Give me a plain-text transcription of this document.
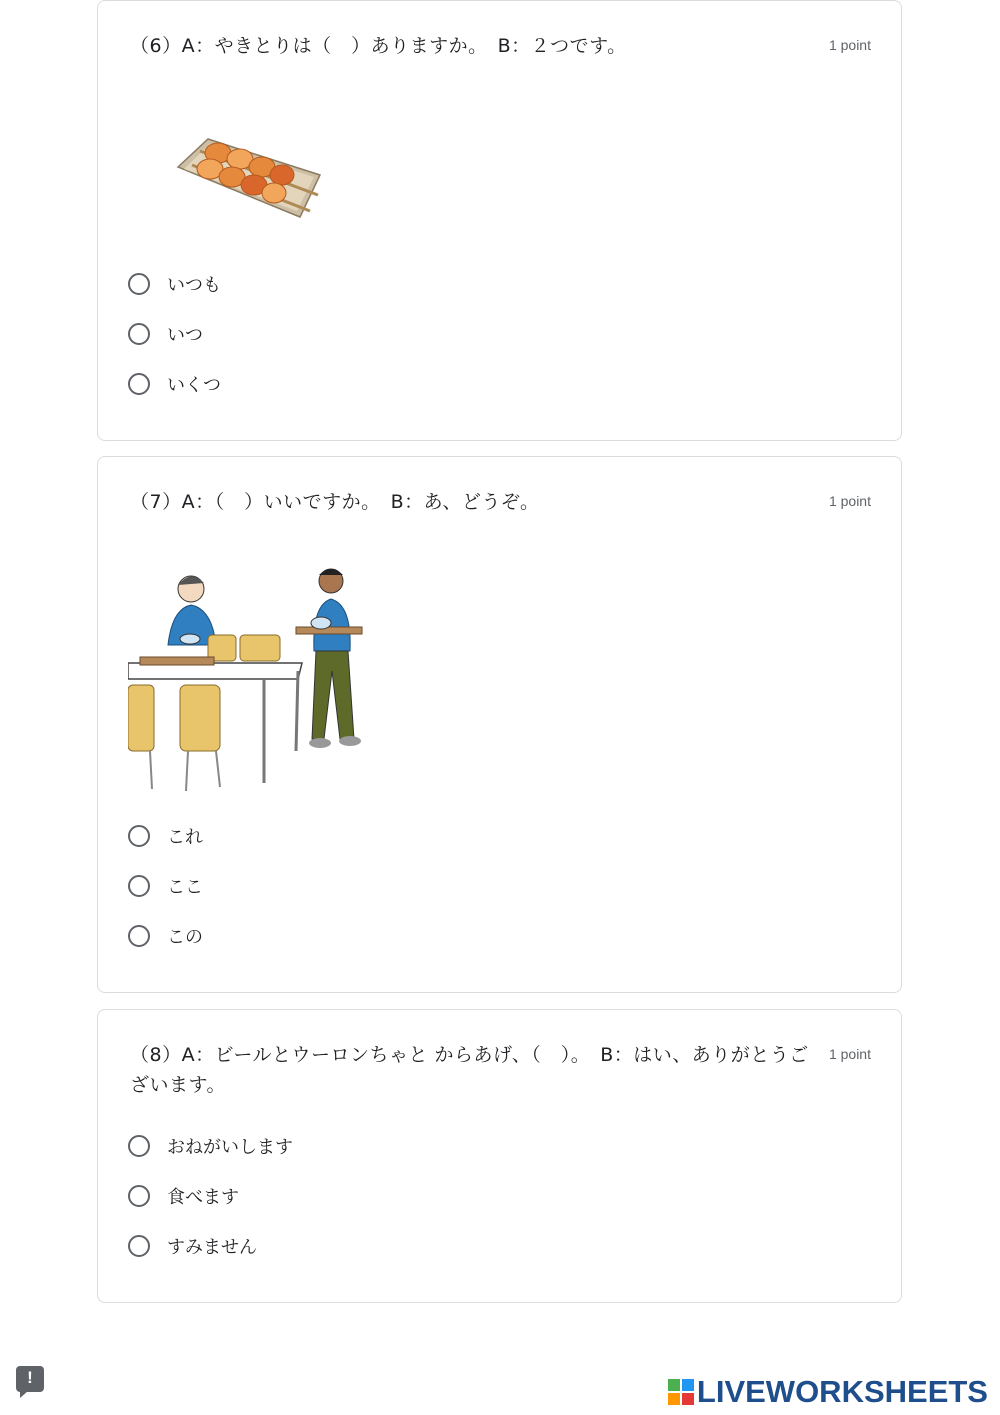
（6）A：やきとりは（　）ありますか。　B：２つです。	1 point
いつも
いつ
いくつ
（7）A：（　）いいですか。　B：あ、どうぞ。	1 point
これ
ここ
この
（8）A：ビールとウーロンちゃと からあげ、（　）。　B：はい、ありがとうございます。
1 point
おねがいします
食べます
すみません
!	LIVEWORKSHEETS
